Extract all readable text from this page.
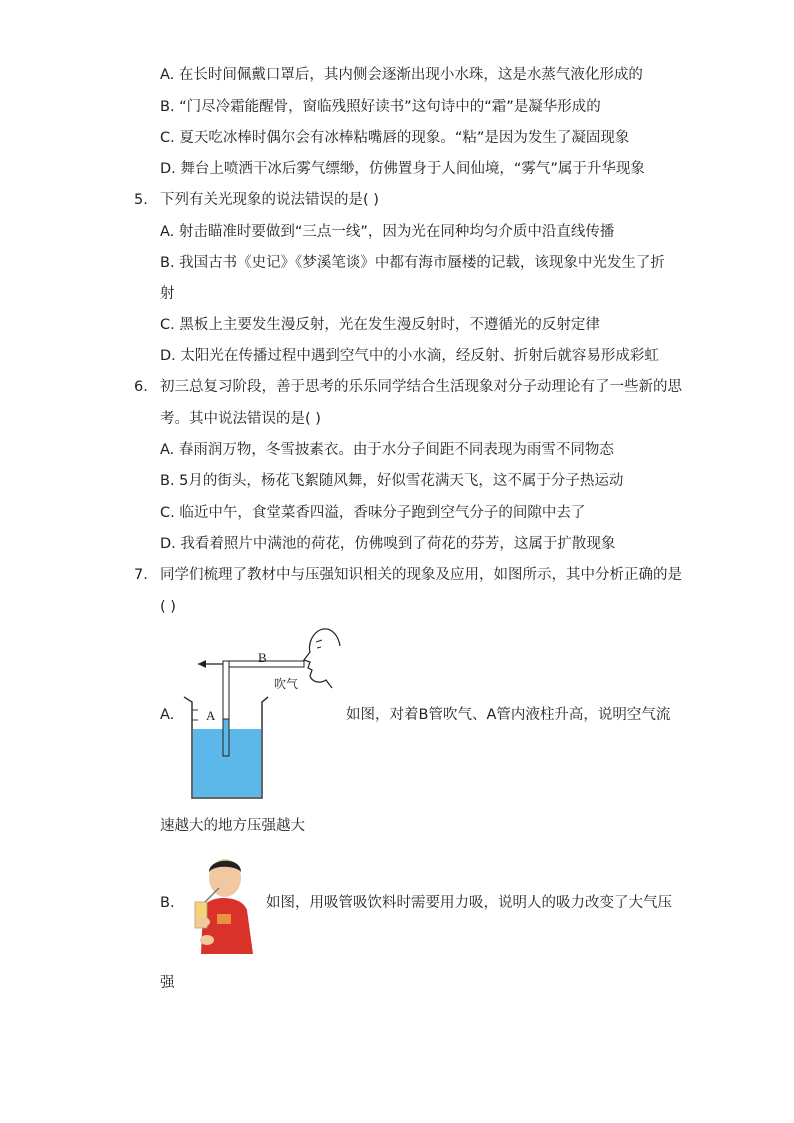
A. 在长时间佩戴口罩后，其内侧会逐渐出现小水珠，这是水蒸气液化形成的
B. “门尽冷霜能醒骨，窗临残照好读书”这句诗中的“霜”是凝华形成的
C. 夏天吃冰棒时偶尔会有冰棒粘嘴唇的现象。“粘”是因为发生了凝固现象
D. 舞台上喷洒干冰后雾气缥缈，仿佛置身于人间仙境，“雾气”属于升华现象
5. 下列有关光现象的说法错误的是( )
A. 射击瞄准时要做到“三点一线”，因为光在同种均匀介质中沿直线传播
B. 我国古书《史记》《梦溪笔谈》中都有海市蜃楼的记载，该现象中光发生了折
射
C. 黑板上主要发生漫反射，光在发生漫反射时，不遵循光的反射定律
D. 太阳光在传播过程中遇到空气中的小水滴，经反射、折射后就容易形成彩虹
6. 初三总复习阶段，善于思考的乐乐同学结合生活现象对分子动理论有了一些新的思
考。其中说法错误的是( )
A. 春雨润万物，冬雪披素衣。由于水分子间距不同表现为雨雪不同物态
B. 5月的街头，杨花飞絮随风舞，好似雪花满天飞，这不属于分子热运动
C. 临近中午，食堂菜香四溢，香味分子跑到空气分子的间隙中去了
D. 我看着照片中满池的荷花，仿佛嗅到了荷花的芬芳，这属于扩散现象
7. 同学们梳理了教材中与压强知识相关的现象及应用，如图所示，其中分析正确的是
( )
A.
B
A
吹气
如图，对着B管吹气、A管内液柱升高，说明空气流
速越大的地方压强越大
B.	如图，用吸管吸饮料时需要用力吸，说明人的吸力改变了大气压
强
